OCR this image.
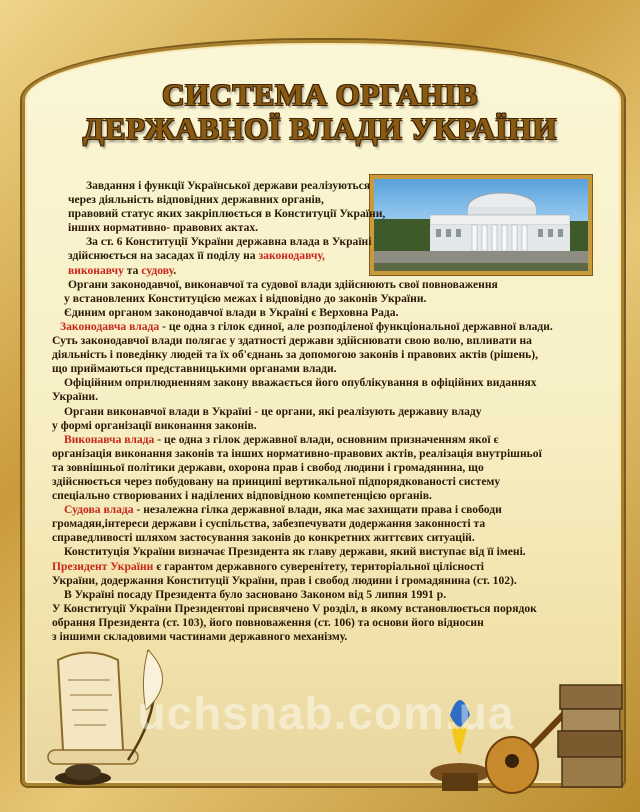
СИСТЕМА ОРГАНІВ
ДЕРЖАВНОЇ ВЛАДИ УКРАЇНИ
Завдання і функції Української держави реалізуються
через діяльність відповідних державних органів,
правовий статус яких закріплюється в Конституції України,
інших нормативно- правових актах.
За ст. 6 Конституції України державна влада в Україні
здійснюється на засадах її поділу на законодавчу,
виконавчу та судову.
Органи законодавчої, виконавчої та судової влади здійснюють свої повноваження
у встановлених Конституцією межах і відповідно до законів України.
Єдиним органом законодавчої влади в Україні є Верховна Рада.
Законодавча влада - це одна з гілок єдиної, але розподіленої функціональної державної влади.
Суть законодавчої влади полягає у здатності держави здійснювати свою волю, впливати на
діяльність і поведінку людей та їх об'єднань за допомогою законів і правових актів (рішень),
що приймаються представницькими органами влади.
Офіційним оприлюдненням закону вважається його опублікування в офіційних виданнях
України.
Органи виконавчої влади в Україні - це органи, які реалізують державну владу
у формі організації виконання законів.
Виконавча влада - це одна з гілок державної влади, основним призначенням якої є
організація виконання законів та інших нормативно-правових актів, реалізація внутрішньої
та зовнішньої політики держави, охорона прав і свобод людини і громадянина, що
здійснюється через побудовану на принципі вертикальної підпорядкованості систему
спеціально створюваних і наділених відповідною компетенцією органів.
Судова влада - незалежна гілка державної влади, яка має захищати права і свободи
громадян,інтереси держави і суспільства, забезпечувати додержання законності та
справедливості шляхом застосування законів до конкретних життєвих ситуацій.
Конституція України визначає Президента як главу держави, який виступає від її імені.
Президент України є гарантом державного суверенітету, територіальної цілісності
України, додержання Конституції України, прав і свобод людини і громадянина (ст. 102).
В Україні посаду Президента було засновано Законом від 5 липня 1991 р.
У Конституції України Президентові присвячено V розділ, в якому встановлюється порядок
обрання Президента (ст. 103), його повноваження (ст. 106) та основи його відносин
з іншими складовими частинами державного механізму.
uchsnab.com.ua
